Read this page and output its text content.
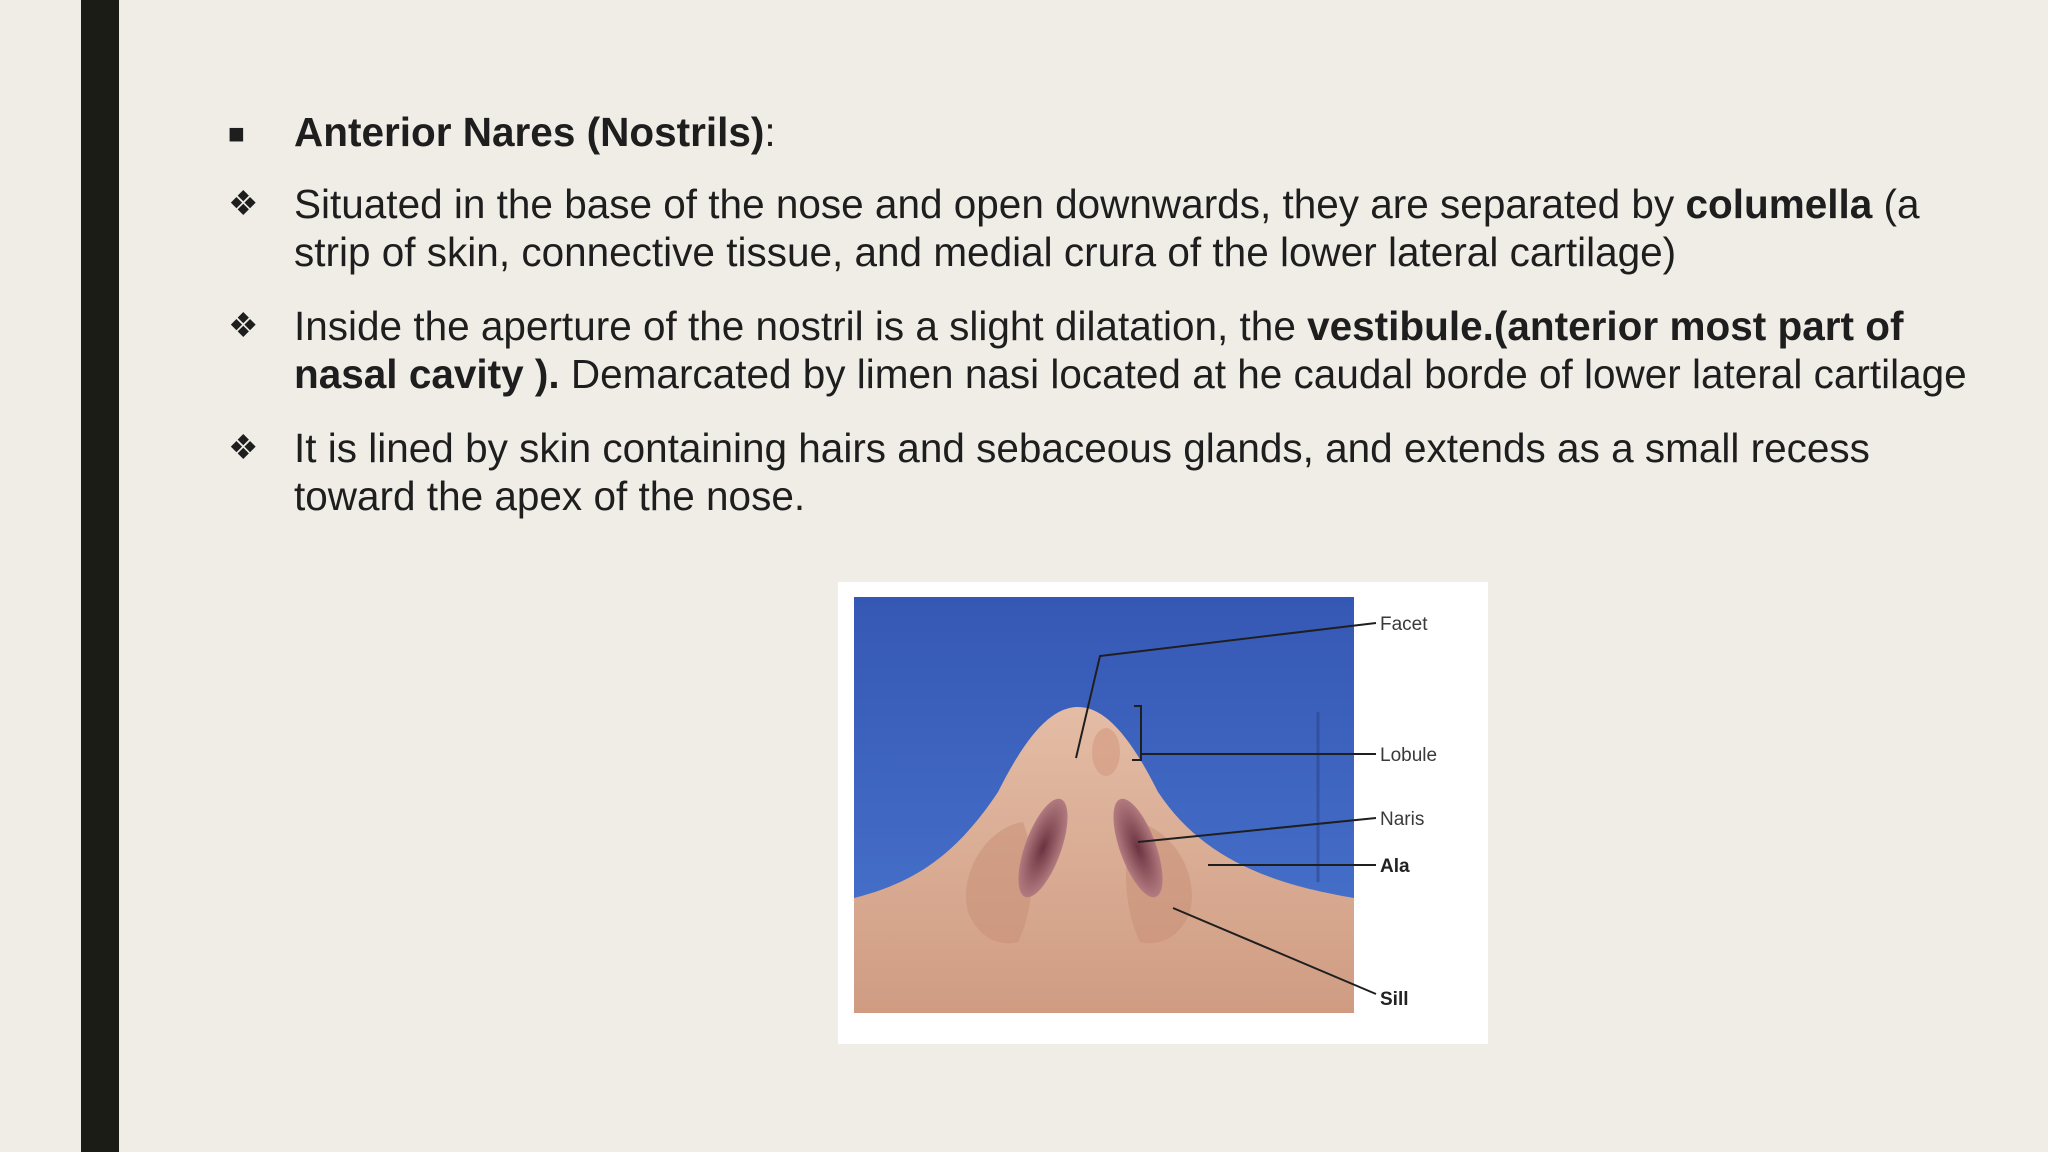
■	Anterior Nares (Nostrils):
❖ Situated in the base of the nose and open downwards, they are separated by columella (a strip of skin, connective tissue, and medial crura of the lower lateral cartilage)
❖ Inside the aperture of the nostril is a slight dilatation, the vestibule.(anterior most part of nasal cavity ). Demarcated by limen nasi located at he caudal borde of lower lateral cartilage
❖ It is lined by skin containing hairs and sebaceous glands, and extends as a small recess toward the apex of the nose.
Facet
Lobule
Naris
Ala
Sill
